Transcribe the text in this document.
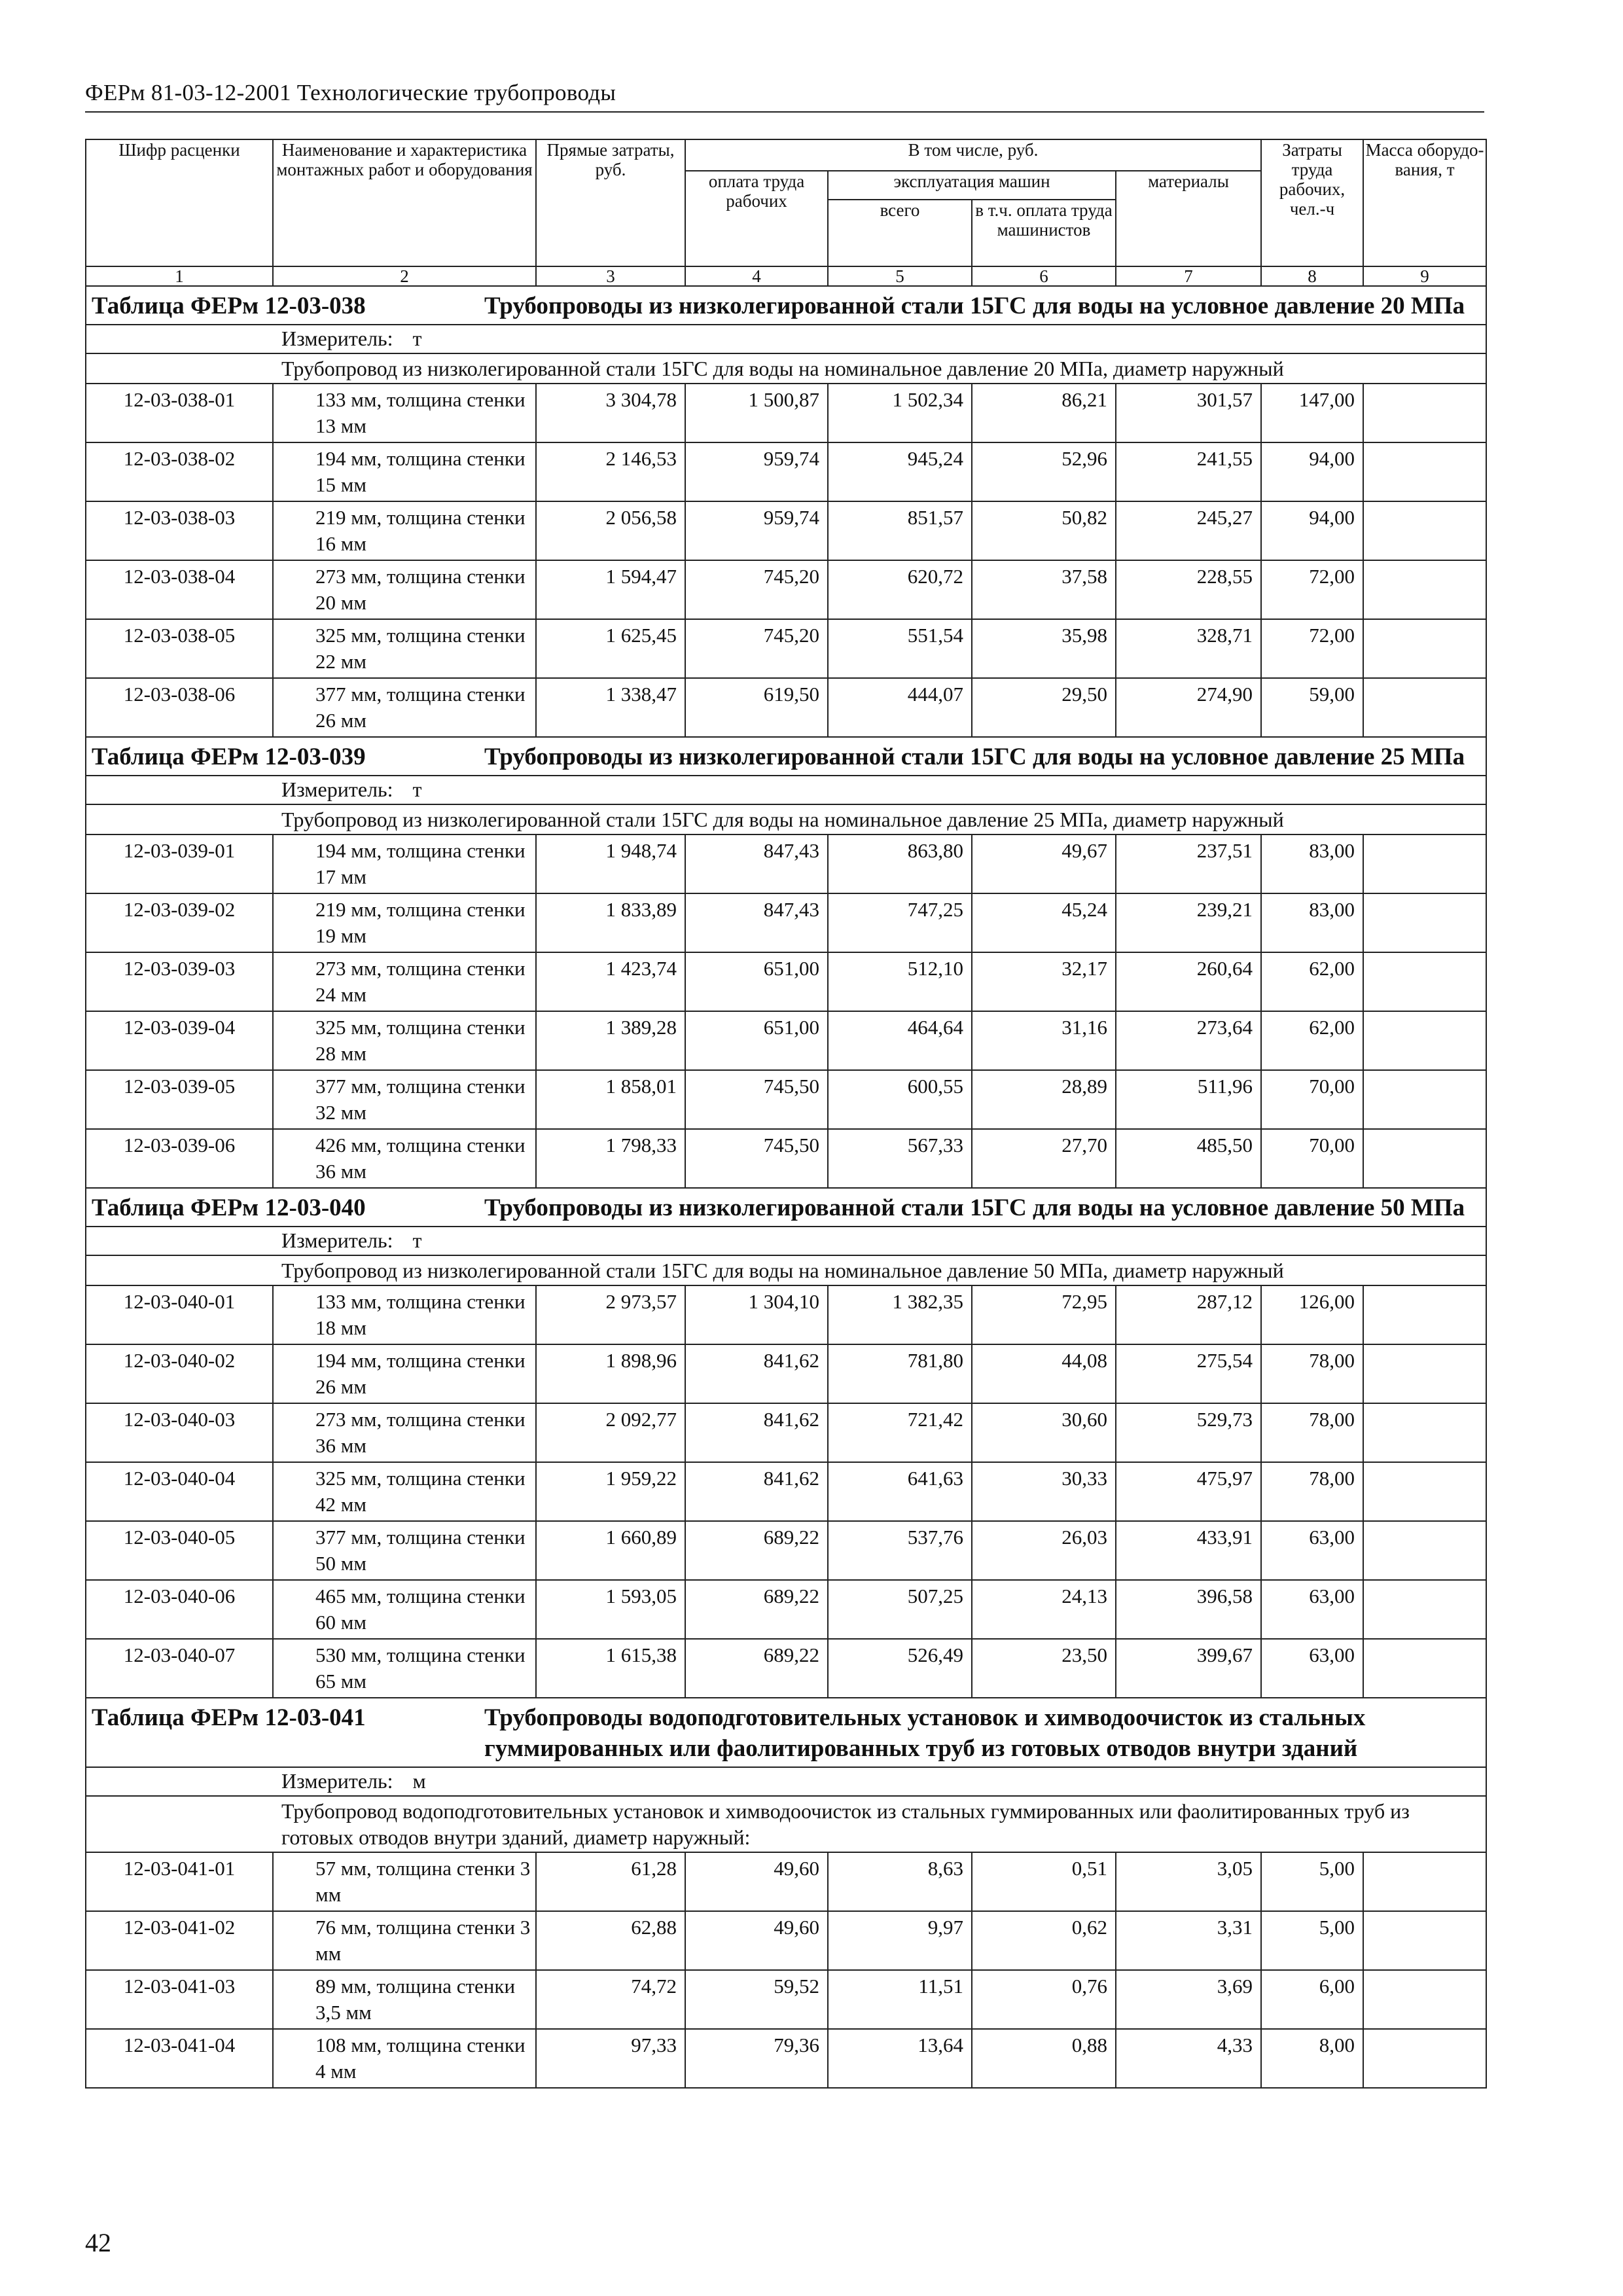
ФЕРм 81-03-12-2001 Технологические трубопроводы
Шифр расценки	Наименование и характеристика монтажных работ и оборудования	Прямые затраты, руб.	В том числе, руб.				Затраты труда рабочих, чел.-ч	Масса оборудо-вания, т
			оплата труда рабочих	эксплуатация машин		материалы		
				всего	в т.ч. оплата труда машинистов			
1	2	3	4	5	6	7	8	9

Таблица ФЕРм 12-03-038 Трубопроводы из низколегированной стали 15ГС для воды на условное давление 20 МПа								

Измеритель: т								

Трубопровод из низколегированной стали 15ГС для воды на номинальное давление 20 МПа, диаметр наружный								
12-03-038-01	133 мм, толщина стенки 13 мм	3 304,78	1 500,87	1 502,34	86,21	301,57	147,00	
12-03-038-02	194 мм, толщина стенки 15 мм	2 146,53	959,74	945,24	52,96	241,55	94,00	
12-03-038-03	219 мм, толщина стенки 16 мм	2 056,58	959,74	851,57	50,82	245,27	94,00	
12-03-038-04	273 мм, толщина стенки 20 мм	1 594,47	745,20	620,72	37,58	228,55	72,00	
12-03-038-05	325 мм, толщина стенки 22 мм	1 625,45	745,20	551,54	35,98	328,71	72,00	
12-03-038-06	377 мм, толщина стенки 26 мм	1 338,47	619,50	444,07	29,50	274,90	59,00	

Таблица ФЕРм 12-03-039 Трубопроводы из низколегированной стали 15ГС для воды на условное давление 25 МПа								

Измеритель: т								

Трубопровод из низколегированной стали 15ГС для воды на номинальное давление 25 МПа, диаметр наружный								
12-03-039-01	194 мм, толщина стенки 17 мм	1 948,74	847,43	863,80	49,67	237,51	83,00	
12-03-039-02	219 мм, толщина стенки 19 мм	1 833,89	847,43	747,25	45,24	239,21	83,00	
12-03-039-03	273 мм, толщина стенки 24 мм	1 423,74	651,00	512,10	32,17	260,64	62,00	
12-03-039-04	325 мм, толщина стенки 28 мм	1 389,28	651,00	464,64	31,16	273,64	62,00	
12-03-039-05	377 мм, толщина стенки 32 мм	1 858,01	745,50	600,55	28,89	511,96	70,00	
12-03-039-06	426 мм, толщина стенки 36 мм	1 798,33	745,50	567,33	27,70	485,50	70,00	

Таблица ФЕРм 12-03-040 Трубопроводы из низколегированной стали 15ГС для воды на условное давление 50 МПа								

Измеритель: т								

Трубопровод из низколегированной стали 15ГС для воды на номинальное давление 50 МПа, диаметр наружный								
12-03-040-01	133 мм, толщина стенки 18 мм	2 973,57	1 304,10	1 382,35	72,95	287,12	126,00	
12-03-040-02	194 мм, толщина стенки 26 мм	1 898,96	841,62	781,80	44,08	275,54	78,00	
12-03-040-03	273 мм, толщина стенки 36 мм	2 092,77	841,62	721,42	30,60	529,73	78,00	
12-03-040-04	325 мм, толщина стенки 42 мм	1 959,22	841,62	641,63	30,33	475,97	78,00	
12-03-040-05	377 мм, толщина стенки 50 мм	1 660,89	689,22	537,76	26,03	433,91	63,00	
12-03-040-06	465 мм, толщина стенки 60 мм	1 593,05	689,22	507,25	24,13	396,58	63,00	
12-03-040-07	530 мм, толщина стенки 65 мм	1 615,38	689,22	526,49	23,50	399,67	63,00	

Таблица ФЕРм 12-03-041 Трубопроводы водоподготовительных установок и химводоочисток из стальных гуммированных или фаолитированных труб из готовых отводов внутри зданий								

Измеритель: м								

Трубопровод водоподготовительных установок и химводоочисток из стальных гуммированных или фаолитированных труб из готовых отводов внутри зданий, диаметр наружный:								
12-03-041-01	57 мм, толщина стенки 3 мм	61,28	49,60	8,63	0,51	3,05	5,00	
12-03-041-02	76 мм, толщина стенки 3 мм	62,88	49,60	9,97	0,62	3,31	5,00	
12-03-041-03	89 мм, толщина стенки 3,5 мм	74,72	59,52	11,51	0,76	3,69	6,00	
12-03-041-04	108 мм, толщина стенки 4 мм	97,33	79,36	13,64	0,88	4,33	8,00	
42
